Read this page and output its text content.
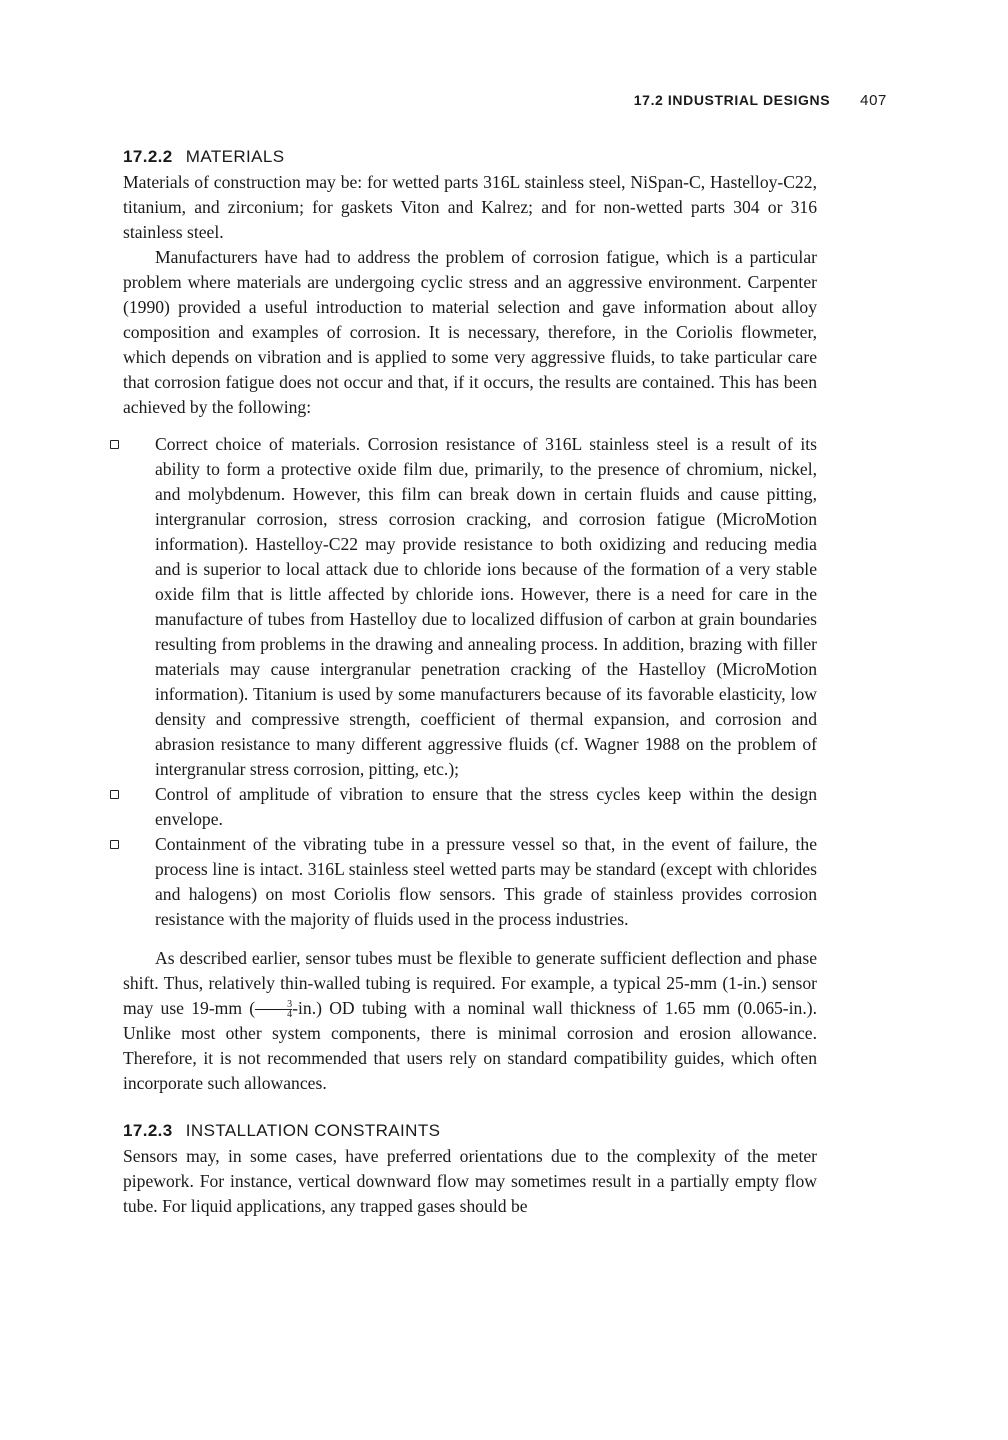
17.2 INDUSTRIAL DESIGNS 407
17.2.2 MATERIALS

Materials of construction may be: for wetted parts 316L stainless steel, NiSpan-C, Hastelloy-C22, titanium, and zirconium; for gaskets Viton and Kalrez; and for non-wetted parts 304 or 316 stainless steel.

Manufacturers have had to address the problem of corrosion fatigue, which is a particular problem where materials are undergoing cyclic stress and an aggressive environment. Carpenter (1990) provided a useful introduction to material selection and gave information about alloy composition and examples of corrosion. It is necessary, therefore, in the Coriolis flowmeter, which depends on vibration and is applied to some very aggressive fluids, to take particular care that corrosion fatigue does not occur and that, if it occurs, the results are contained. This has been achieved by the following:

Correct choice of materials. Corrosion resistance of 316L stainless steel is a result of its ability to form a protective oxide film due, primarily, to the presence of chromium, nickel, and molybdenum. However, this film can break down in certain fluids and cause pitting, intergranular corrosion, stress corrosion cracking, and corrosion fatigue (MicroMotion information). Hastelloy-C22 may provide resistance to both oxidizing and reducing media and is superior to local attack due to chloride ions because of the formation of a very stable oxide film that is little affected by chloride ions. However, there is a need for care in the manufacture of tubes from Hastelloy due to localized diffusion of carbon at grain boundaries resulting from problems in the drawing and annealing process. In addition, brazing with filler materials may cause intergranular penetration cracking of the Hastelloy (MicroMotion information). Titanium is used by some manufacturers because of its favorable elasticity, low density and compressive strength, coefficient of thermal expansion, and corrosion and abrasion resistance to many different aggressive fluids (cf. Wagner 1988 on the problem of intergranular stress corrosion, pitting, etc.);
Control of amplitude of vibration to ensure that the stress cycles keep within the design envelope.
Containment of the vibrating tube in a pressure vessel so that, in the event of failure, the process line is intact. 316L stainless steel wetted parts may be standard (except with chlorides and halogens) on most Coriolis flow sensors. This grade of stainless provides corrosion resistance with the majority of fluids used in the process industries.

As described earlier, sensor tubes must be flexible to generate sufficient deflection and phase shift. Thus, relatively thin-walled tubing is required. For example, a typical 25-mm (1-in.) sensor may use 19-mm ( $\frac{3}{4} -in$.) OD tubing with a nominal wall thickness of 1.65 mm (0.065-in.). Unlike most other system components, there is minimal corrosion and erosion allowance. Therefore, it is not recommended that users rely on standard compatibility guides, which often incorporate such allowances.

17.2.3 INSTALLATION CONSTRAINTS

Sensors may, in some cases, have preferred orientations due to the complexity of the meter pipework. For instance, vertical downward flow may sometimes result in a partially empty flow tube. For liquid applications, any trapped gases should be
